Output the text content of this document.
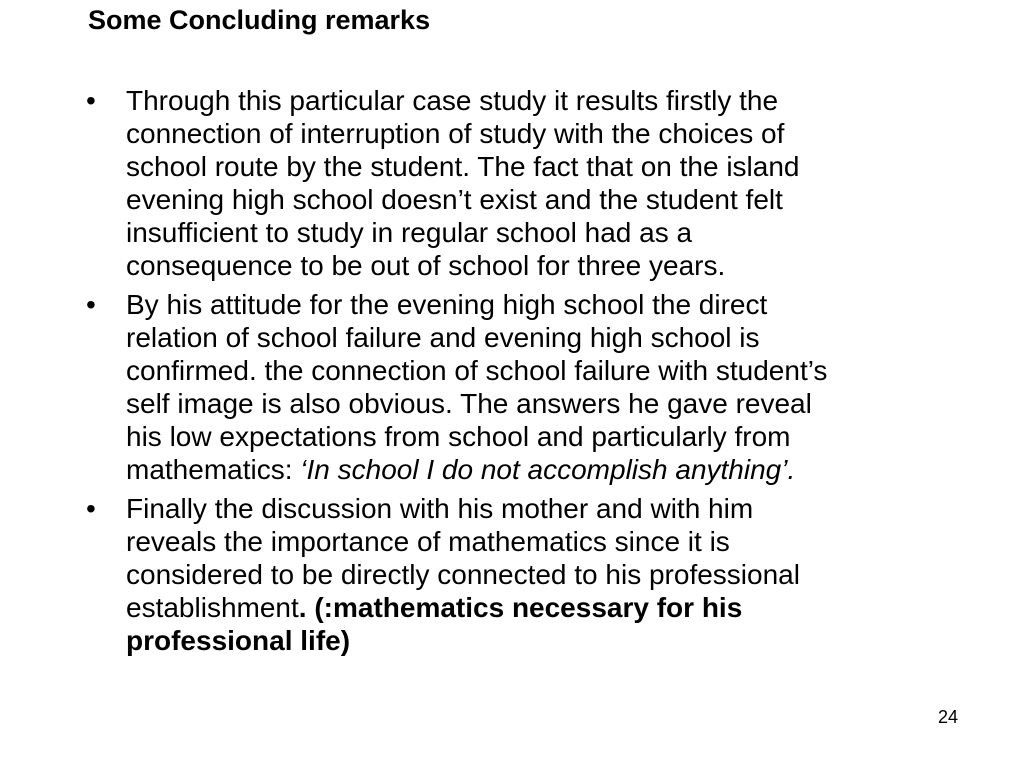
Some Concluding remarks
•	Through this particular case study it results firstly the
connection of interruption of study with the choices of
school route by the student. The fact that on the island
evening high school doesn’t exist and the student felt
insufficient to study in regular school had as a
consequence to be out of school for three years.
•	By his attitude for the evening high school the direct
relation of school failure and evening high school is
confirmed. the connection of school failure with student’s
self image is also obvious. The answers he gave reveal
his low expectations from school and particularly from
mathematics: ‘In school I do not accomplish anything’.
•	Finally the discussion with his mother and with him
reveals the importance of mathematics since it is
considered to be directly connected to his professional
establishment. (:mathematics necessary for his
professional life)
24
